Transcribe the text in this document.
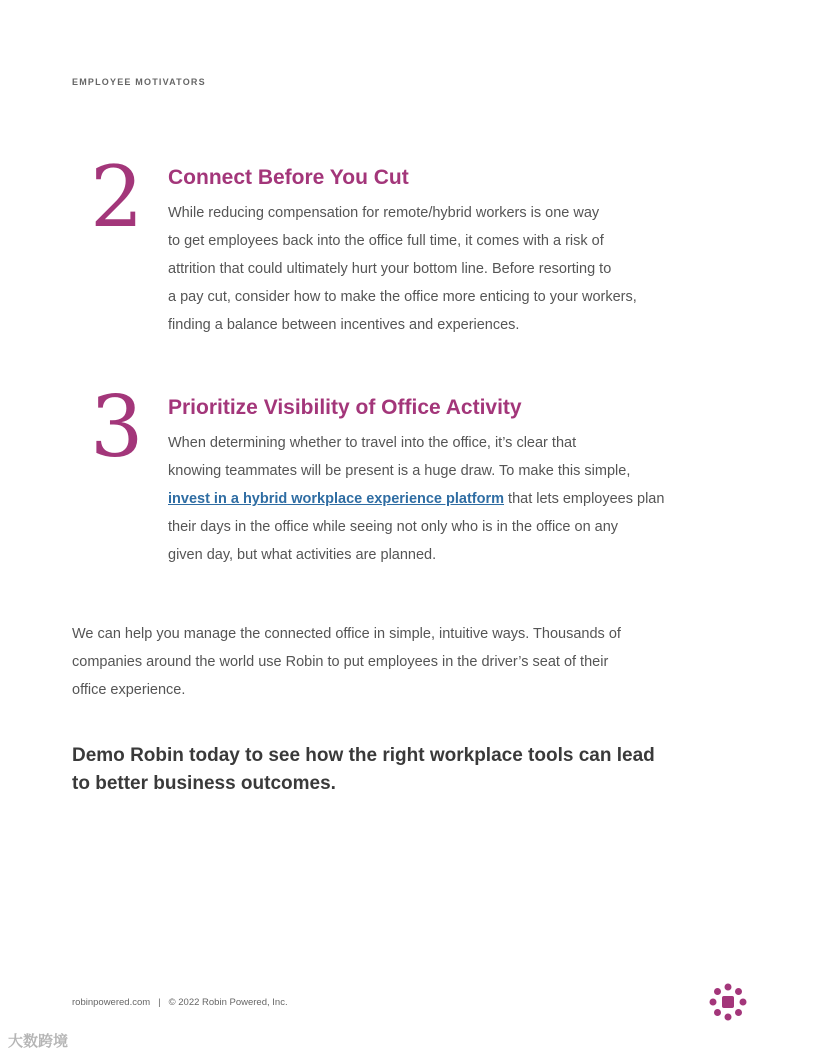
EMPLOYEE MOTIVATORS
2 Connect Before You Cut

While reducing compensation for remote/hybrid workers is one way
to get employees back into the office full time, it comes with a risk of
attrition that could ultimately hurt your bottom line. Before resorting to
a pay cut, consider how to make the office more enticing to your workers,
finding a balance between incentives and experiences.

3 Prioritize Visibility of Office Activity

When determining whether to travel into the office, it’s clear that
knowing teammates will be present is a huge draw. To make this simple,
invest in a hybrid workplace experience platform that lets employees plan
their days in the office while seeing not only who is in the office on any
given day, but what activities are planned.

We can help you manage the connected office in simple, intuitive ways. Thousands of
companies around the world use Robin to put employees in the driver’s seat of their
office experience.

Demo Robin today to see how the right workplace tools can lead
to better business outcomes.

robinpowered.com | © 2022 Robin Powered, Inc.
大数跨境
